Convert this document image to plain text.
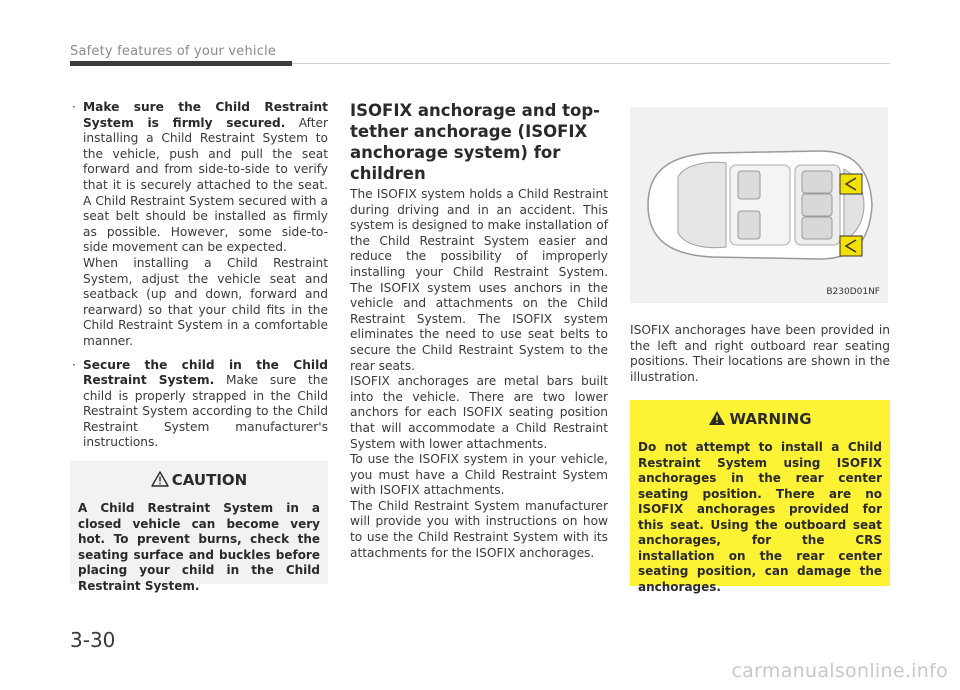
Safety features of your vehicle
· Make sure the Child Restraint System is firmly secured. After installing a Child Restraint System to the vehicle, push and pull the seat forward and from side-to-side to verify that it is securely attached to the seat. A Child Restraint System secured with a seat belt should be installed as firmly as possible. However, some side-to-side movement can be expected.

When installing a Child Restraint System, adjust the vehicle seat and seatback (up and down, forward and rearward) so that your child fits in the Child Restraint System in a comfortable manner.

· Secure the child in the Child Restraint System. Make sure the child is properly strapped in the Child Restraint System according to the Child Restraint System manufacturer's instructions.

CAUTION
A Child Restraint System in a closed vehicle can become very hot. To prevent burns, check the seating surface and buckles before placing your child in the Child Restraint System.
ISOFIX anchorage and top-tether anchorage (ISOFIX anchorage system) for children

The ISOFIX system holds a Child Restraint during driving and in an accident. This system is designed to make installation of the Child Restraint System easier and reduce the possibility of improperly installing your Child Restraint System. The ISOFIX system uses anchors in the vehicle and attachments on the Child Restraint System. The ISOFIX system eliminates the need to use seat belts to secure the Child Restraint System to the rear seats.

ISOFIX anchorages are metal bars built into the vehicle. There are two lower anchors for each ISOFIX seating position that will accommodate a Child Restraint System with lower attachments.

To use the ISOFIX system in your vehicle, you must have a Child Restraint System with ISOFIX attachments.

The Child Restraint System manufacturer will provide you with instructions on how to use the Child Restraint System with its attachments for the ISOFIX anchorages.

B230D01NF

ISOFIX anchorages have been provided in the left and right outboard rear seating positions. Their locations are shown in the illustration.

WARNING
Do not attempt to install a Child Restraint System using ISOFIX anchorages in the rear center seating position. There are no ISOFIX anchorages provided for this seat. Using the outboard seat anchorages, for the CRS installation on the rear center seating position, can damage the anchorages.
3-30
carmanualsonline.info
